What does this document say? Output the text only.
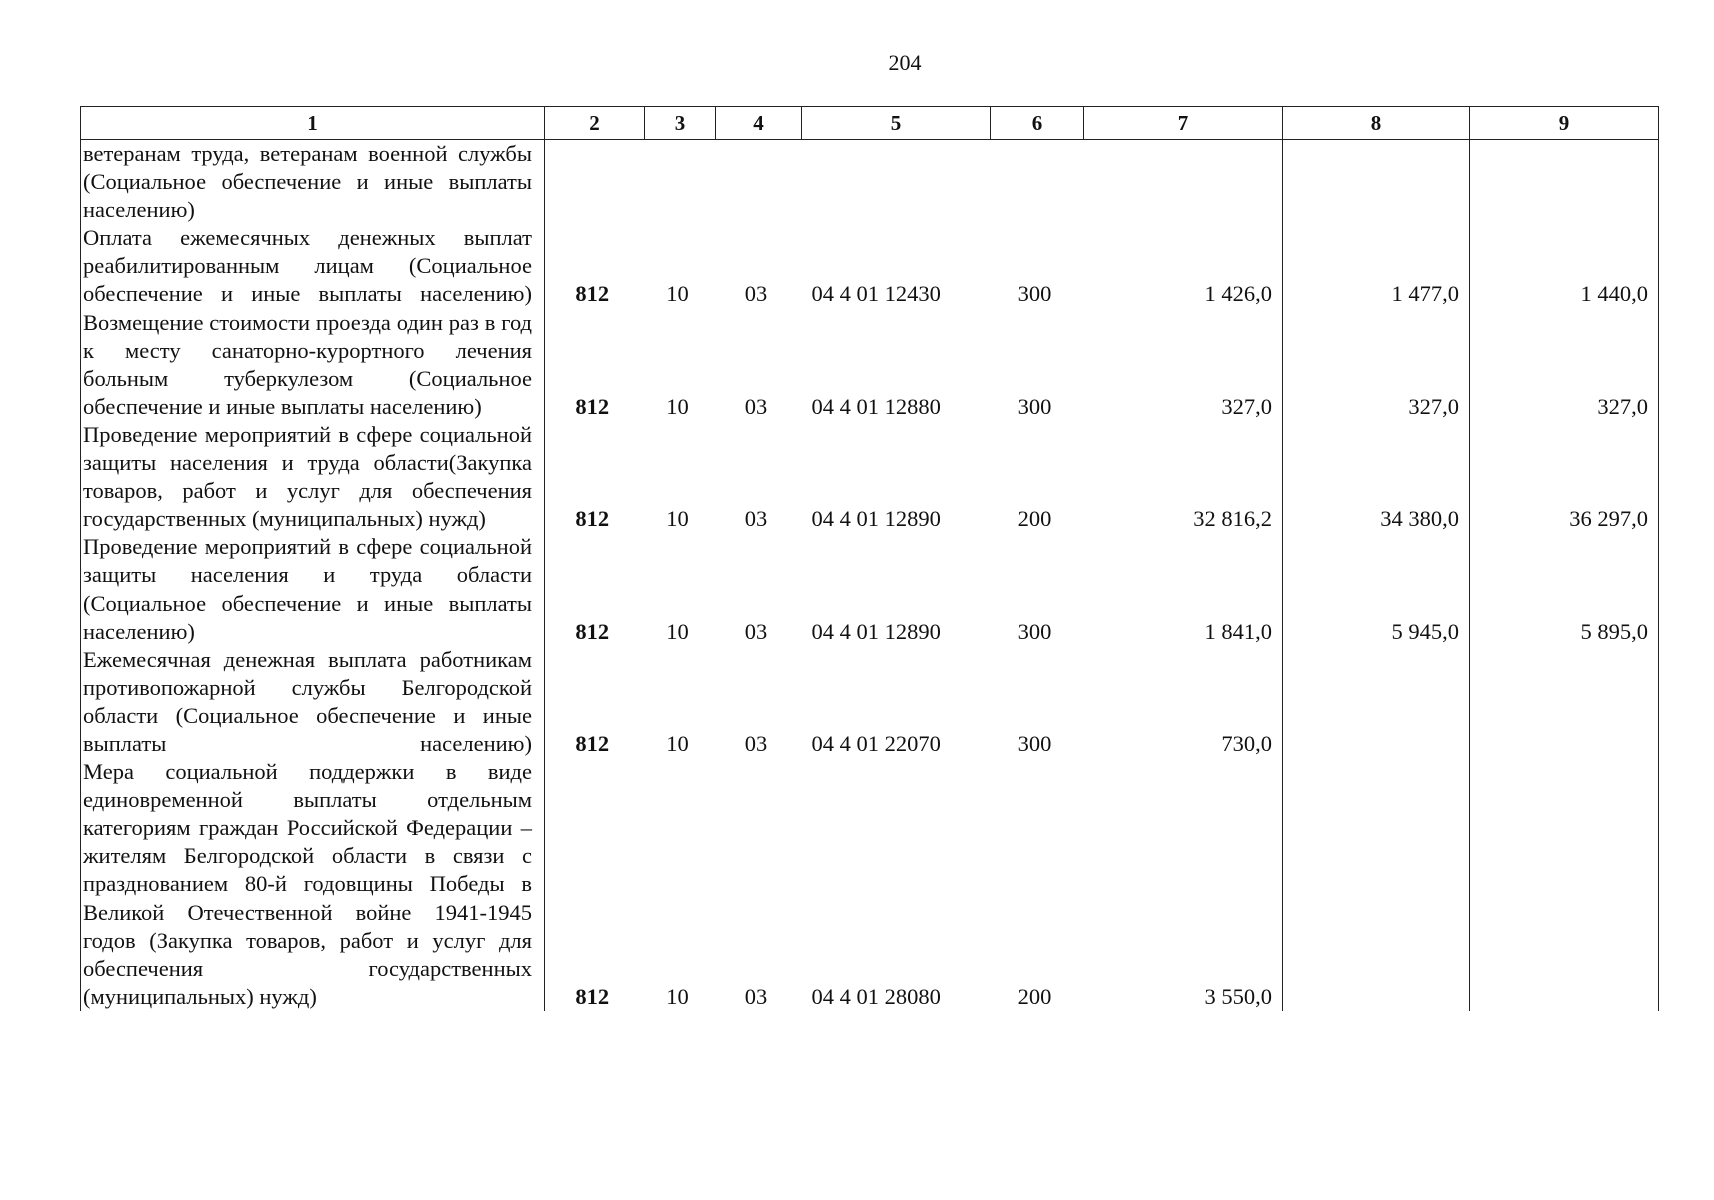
204
1	2	3	4	5	6	7	8	9
ветеранам труда, ветеранам военной службы (Социальное обеспечение и иные выплаты населению)								
Оплата ежемесячных денежных выплат реабилитированным лицам (Социальное обеспечение и иные выплаты населению)	812	10	03	04 4 01 12430	300	1 426,0	1 477,0	1 440,0
Возмещение стоимости проезда один раз в год к месту санаторно-курортного лечения больным туберкулезом (Социальное обеспечение и иные выплаты населению)	812	10	03	04 4 01 12880	300	327,0	327,0	327,0
Проведение мероприятий в сфере социальной защиты населения и труда области(Закупка товаров, работ и услуг для обеспечения государственных (муниципальных) нужд)	812	10	03	04 4 01 12890	200	32 816,2	34 380,0	36 297,0
Проведение мероприятий в сфере социальной защиты населения и труда области (Социальное обеспечение и иные выплаты населению)	812	10	03	04 4 01 12890	300	1 841,0	5 945,0	5 895,0
Ежемесячная денежная выплата работникам противопожарной службы Белгородской области (Социальное обеспечение и иные выплаты населению)	812	10	03	04 4 01 22070	300	730,0		
Мера социальной поддержки в виде единовременной выплаты отдельным категориям граждан Российской Федерации – жителям Белгородской области в связи с празднованием 80-й годовщины Победы в Великой Отечественной войне 1941-1945 годов (Закупка товаров, работ и услуг для обеспечения государственных (муниципальных) нужд)	812	10	03	04 4 01 28080	200	3 550,0		
